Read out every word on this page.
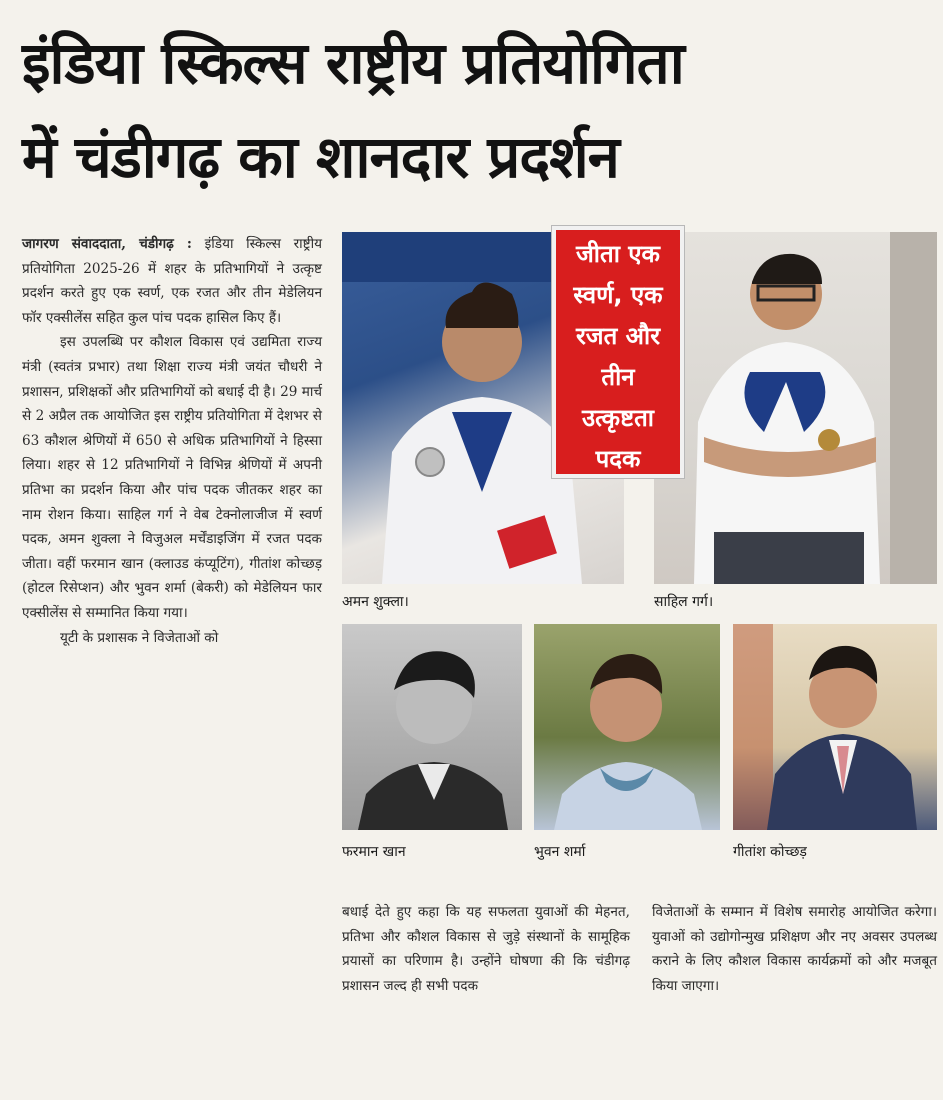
इंडिया स्किल्स राष्ट्रीय प्रतियोगिता
में चंडीगढ़ का शानदार प्रदर्शन

जागरण संवाददाता, चंडीगढ़ : इंडिया स्किल्स राष्ट्रीय प्रतियोगिता 2025-26 में शहर के प्रतिभागियों ने उत्कृष्ट प्रदर्शन करते हुए एक स्वर्ण, एक रजत और तीन मेडेलियन फॉर एक्सीलेंस सहित कुल पांच पदक हासिल किए हैं।

इस उपलब्धि पर कौशल विकास एवं उद्यमिता राज्य मंत्री (स्वतंत्र प्रभार) तथा शिक्षा राज्य मंत्री जयंत चौधरी ने प्रशासन, प्रशिक्षकों और प्रतिभागियों को बधाई दी है। 29 मार्च से 2 अप्रैल तक आयोजित इस राष्ट्रीय प्रतियोगिता में देशभर से 63 कौशल श्रेणियों में 650 से अधिक प्रतिभागियों ने हिस्सा लिया। शहर से 12 प्रतिभागियों ने विभिन्न श्रेणियों में अपनी प्रतिभा का प्रदर्शन किया और पांच पदक जीतकर शहर का नाम रोशन किया। साहिल गर्ग ने वेब टेक्नोलाजीज में स्वर्ण पदक, अमन शुक्ला ने विजुअल मर्चेंडाइजिंग में रजत पदक जीता। वहीं फरमान खान (क्लाउड कंप्यूटिंग), गीतांश कोच्छड़ (होटल रिसेप्शन) और भुवन शर्मा (बेकरी) को मेडेलियन फार एक्सीलेंस से सम्मानित किया गया।

यूटी के प्रशासक ने विजेताओं को

जीता एक
स्वर्ण, एक
रजत और
तीन
उत्कृष्टता
पदक
अमन शुक्ला।	साहिल गर्ग।
फरमान खान	भुवन शर्मा	गीतांश कोच्छड़

बधाई देते हुए कहा कि यह सफलता युवाओं की मेहनत, प्रतिभा और कौशल विकास से जुड़े संस्थानों के सामूहिक प्रयासों का परिणाम है। उन्होंने घोषणा की कि चंडीगढ़ प्रशासन जल्द ही सभी पदक

विजेताओं के सम्मान में विशेष समारोह आयोजित करेगा। युवाओं को उद्योगोन्मुख प्रशिक्षण और नए अवसर उपलब्ध कराने के लिए कौशल विकास कार्यक्रमों को और मजबूत किया जाएगा।
